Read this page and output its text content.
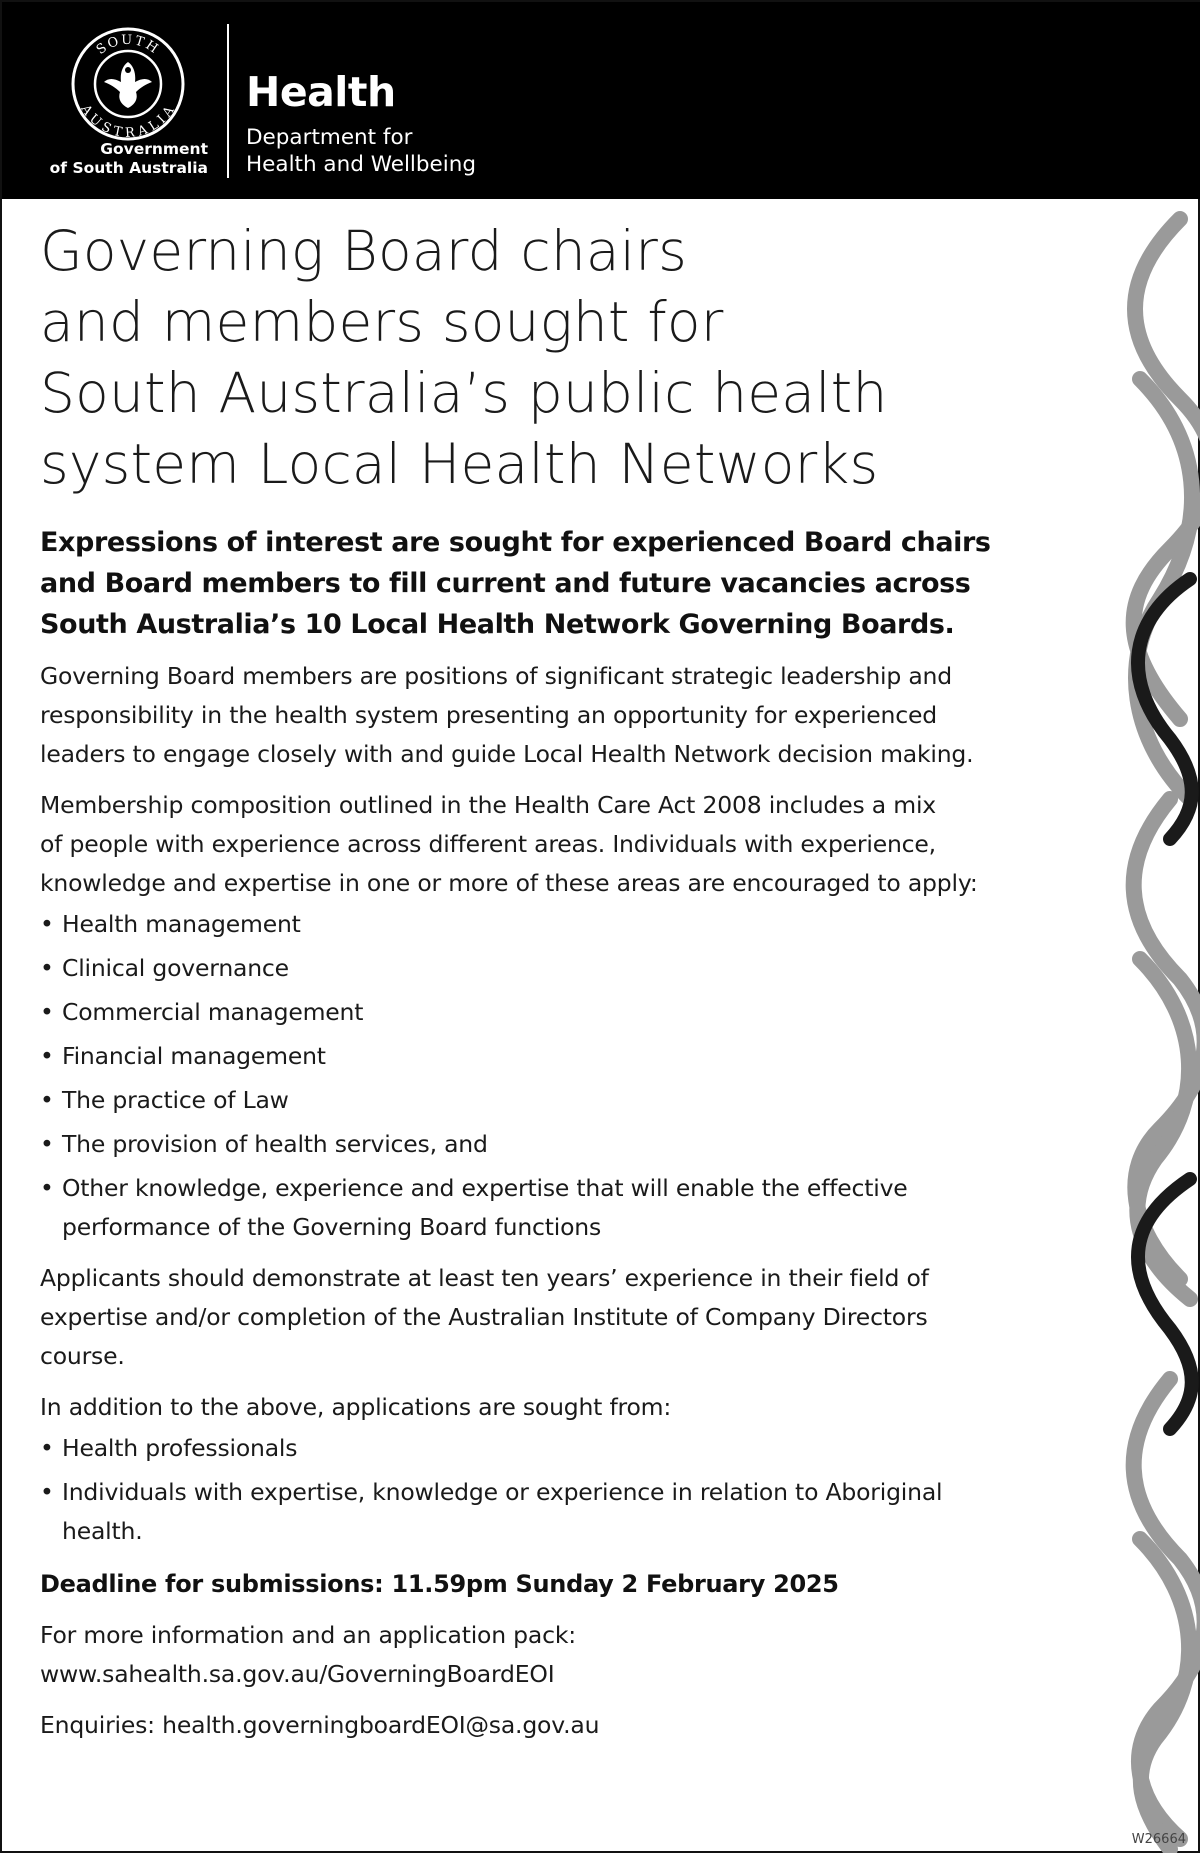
SOUTH
AUSTRALIA
Government
of South Australia
Health
Department for
Health and Wellbeing
Governing Board chairs
and members sought for
South Australia’s public health
system Local Health Networks

Expressions of interest are sought for experienced Board chairs
and Board members to fill current and future vacancies across
South Australia’s 10 Local Health Network Governing Boards.

Governing Board members are positions of significant strategic leadership and
responsibility in the health system presenting an opportunity for experienced
leaders to engage closely with and guide Local Health Network decision making.

Membership composition outlined in the Health Care Act 2008 includes a mix
of people with experience across different areas. Individuals with experience,
knowledge and expertise in one or more of these areas are encouraged to apply:

• Health management
• Clinical governance
• Commercial management
• Financial management
• The practice of Law
• The provision of health services, and
• Other knowledge, experience and expertise that will enable the effective
performance of the Governing Board functions

Applicants should demonstrate at least ten years’ experience in their field of
expertise and/or completion of the Australian Institute of Company Directors
course.

In addition to the above, applications are sought from:

• Health professionals
• Individuals with expertise, knowledge or experience in relation to Aboriginal
health.

Deadline for submissions: 11.59pm Sunday 2 February 2025

For more information and an application pack:
www.sahealth.sa.gov.au/GoverningBoardEOI

Enquiries: health.governingboardEOI@sa.gov.au

W26664
